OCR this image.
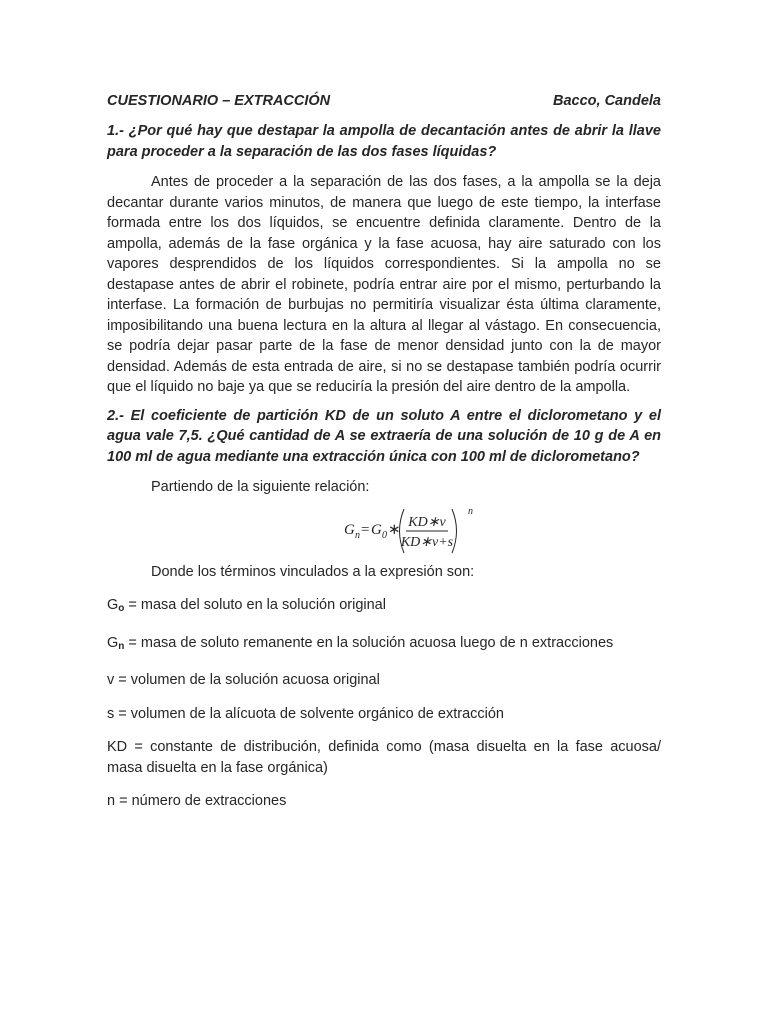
CUESTIONARIO – EXTRACCIÓN	Bacco, Candela

1.- ¿Por qué hay que destapar la ampolla de decantación antes de abrir la llave para proceder a la separación de las dos fases líquidas?

Antes de proceder a la separación de las dos fases, a la ampolla se la deja decantar durante varios minutos, de manera que luego de este tiempo, la interfase formada entre los dos líquidos, se encuentre definida claramente. Dentro de la ampolla, además de la fase orgánica y la fase acuosa, hay aire saturado con los vapores desprendidos de los líquidos correspondientes. Si la ampolla no se destapase antes de abrir el robinete, podría entrar aire por el mismo, perturbando la interfase. La formación de burbujas no permitiría visualizar ésta última claramente, imposibilitando una buena lectura en la altura al llegar al vástago. En consecuencia, se podría dejar pasar parte de la fase de menor densidad junto con la de mayor densidad. Además de esta entrada de aire, si no se destapase también podría ocurrir que el líquido no baje ya que se reduciría la presión del aire dentro de la ampolla.

2.- El coeficiente de partición KD de un soluto A entre el diclorometano y el agua vale 7,5. ¿Qué cantidad de A se extraería de una solución de 10 g de A en 100 ml de agua mediante una extracción única con 100 ml de diclorometano?

Partiendo de la siguiente relación:

G n = G 0 ∗ KD∗v
KD∗v+s
n

Donde los términos vinculados a la expresión son:

$G_o$ = masa del soluto en la solución original

$G_n$ = masa de soluto remanente en la solución acuosa luego de n extracciones

v = volumen de la solución acuosa original

s = volumen de la alícuota de solvente orgánico de extracción

KD = constante de distribución, definida como (masa disuelta en la fase acuosa/ masa disuelta en la fase orgánica)

n = número de extracciones
